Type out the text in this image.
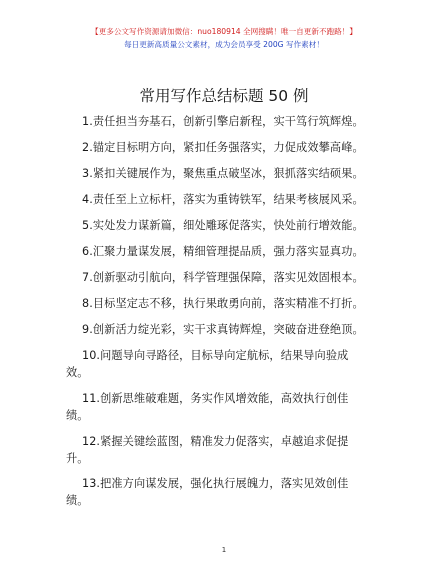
【更多公文写作资源请加微信：nuo180914 全网搜瞒！唯一自更新不跑路！】
每日更新高质量公文素材，成为会员享受 200G 写作素材！
常用写作总结标题 50 例
1.责任担当夯基石，创新引擎启新程，实干笃行筑辉煌。
2.锚定目标明方向，紧扣任务强落实，力促成效攀高峰。
3.紧扣关键展作为，聚焦重点破坚冰，狠抓落实结硕果。
4.责任至上立标杆，落实为重铸铁军，结果考核展风采。
5.实处发力谋新篇，细处雕琢促落实，快处前行增效能。
6.汇聚力量谋发展，精细管理提品质，强力落实显真功。
7.创新驱动引航向，科学管理强保障，落实见效固根本。
8.目标坚定志不移，执行果敢勇向前，落实精准不打折。
9.创新活力绽光彩，实干求真铸辉煌，突破奋进登绝顶。
10.问题导向寻路径，目标导向定航标，结果导向验成
效。
11.创新思维破难题，务实作风增效能，高效执行创佳
绩。
12.紧握关键绘蓝图，精准发力促落实，卓越追求促提
升。
13.把准方向谋发展，强化执行展魄力，落实见效创佳
绩。
1
